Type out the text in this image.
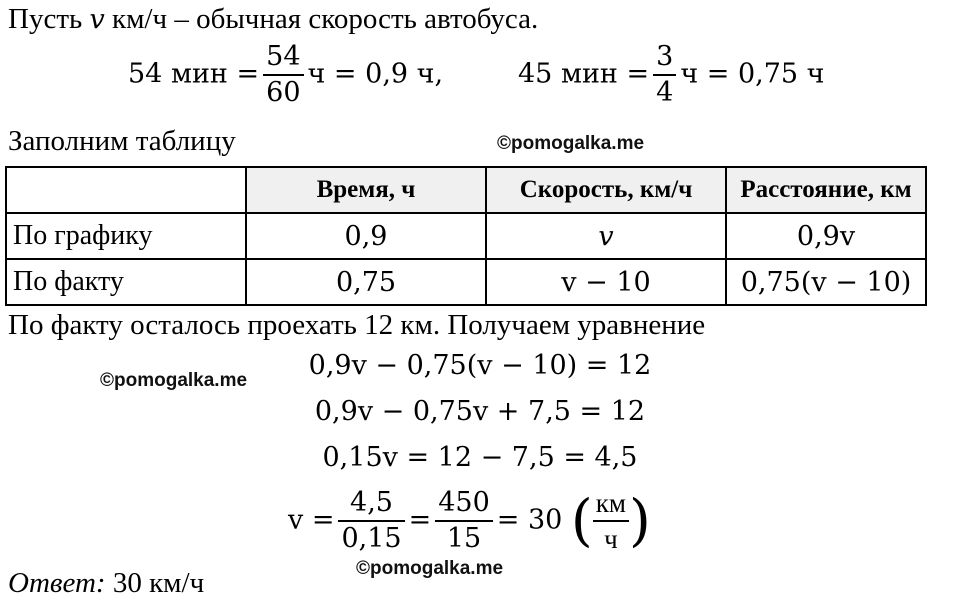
Пусть v км/ч – обычная скорость автобуса.
54 мин = $\frac{54}{60}$ ч = 0,9 ч,	45 мин = $\frac{3}{4}$ ч = 0,75 ч
Заполним таблицу	©pomogalka.me
	Время, ч	Скорость, км/ч	Расстояние, км
По графику	0,9	v	0,9v
По факту	0,75	v − 10	0,75(v − 10)
По факту осталось проехать 12 км. Получаем уравнение
©pomogalka.me	0,9v − 0,75(v − 10) = 12
0,9v − 0,75v + 7,5 = 12
0,15v = 12 − 7,5 = 4,5
$v = \frac{4,5}{0,15} = \frac{450}{15} = 30$ ( $\frac{км}{ч}$ )
Ответ: 30 км/ч	©pomogalka.me
